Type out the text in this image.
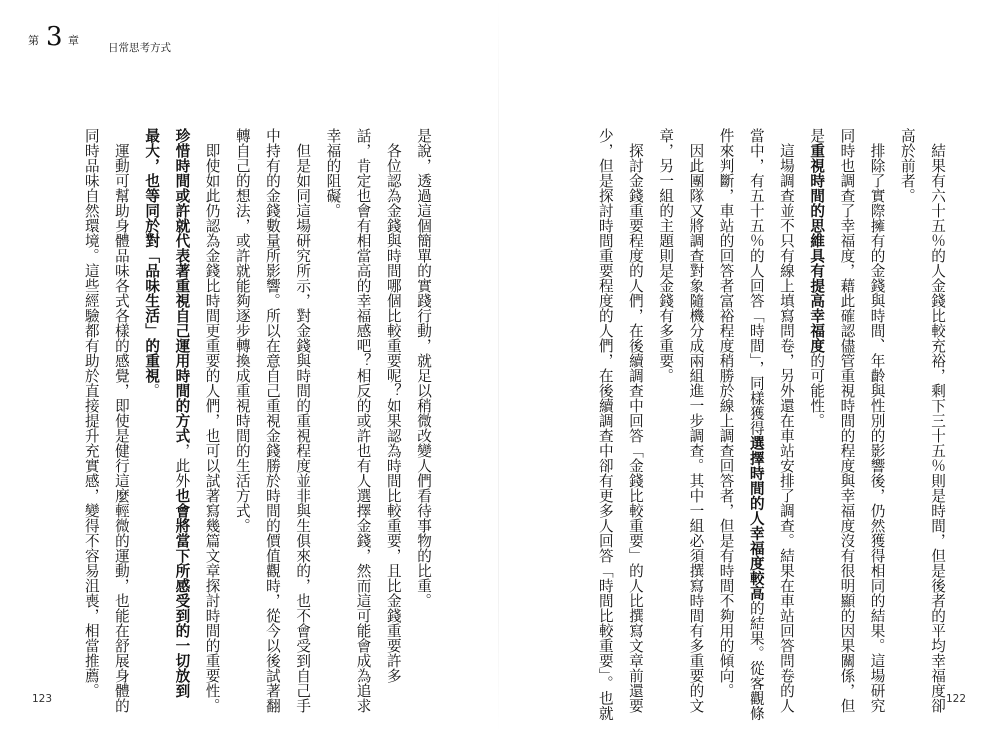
第 3 章
日常思考方式

是說，透過這個簡單的實踐行動，就足以稍微改變人們看待事物的比重。

各位認為金錢與時間哪個比較重要呢？如果認為時間比較重要，且比金錢重要許多

話，肯定也會有相當高的幸福感吧？相反的或許也有人選擇金錢，然而這可能會成為追求

幸福的阻礙。

但是如同這場研究所示，對金錢與時間的重視程度並非與生俱來的，也不會受到自己手

中持有的金錢數量所影響。所以在意自己重視金錢勝於時間的價值觀時，從今以後試著翻

轉自己的想法，或許就能夠逐步轉換成重視時間的生活方式。

即使如此仍認為金錢比時間更重要的人們，也可以試著寫幾篇文章探討時間的重要性。

珍惜時間或許就代表著重視自己運用時間的方式，此外也會將當下所感受到的一切放到

最大，也等同於對「品味生活」的重視。

運動可幫助身體品味各式各樣的感覺，即使是健行這麼輕微的運動，也能在舒展身體的

同時品味自然環境。這些經驗都有助於直接提升充實感，變得不容易沮喪，相當推薦。	結果有六十五％的人金錢比較充裕，剩下三十五％則是時間，但是後者的平均幸福度卻

高於前者。

排除了實際擁有的金錢與時間、年齡與性別的影響後，仍然獲得相同的結果。這場研究

同時也調查了幸福度，藉此確認儘管重視時間的程度與幸福度沒有很明顯的因果關係，但

是重視時間的思維具有提高幸福度的可能性。

這場調查並不只有線上填寫問卷，另外還在車站安排了調查。結果在車站回答問卷的人

當中，有五十五％的人回答「時間」，同樣獲得選擇時間的人幸福度較高的結果。從客觀條

件來判斷，車站的回答者富裕程度稍勝於線上調查回答者，但是有時間不夠用的傾向。

因此團隊又將調查對象隨機分成兩組進一步調查。其中一組必須撰寫時間有多重要的文

章，另一組的主題則是金錢有多重要。

探討金錢重要程度的人們，在後續調查中回答「金錢比較重要」的人比撰寫文章前還要

少，但是探討時間重要程度的人們，在後續調查中卻有更多人回答「時間比較重要」。也就

123	122
